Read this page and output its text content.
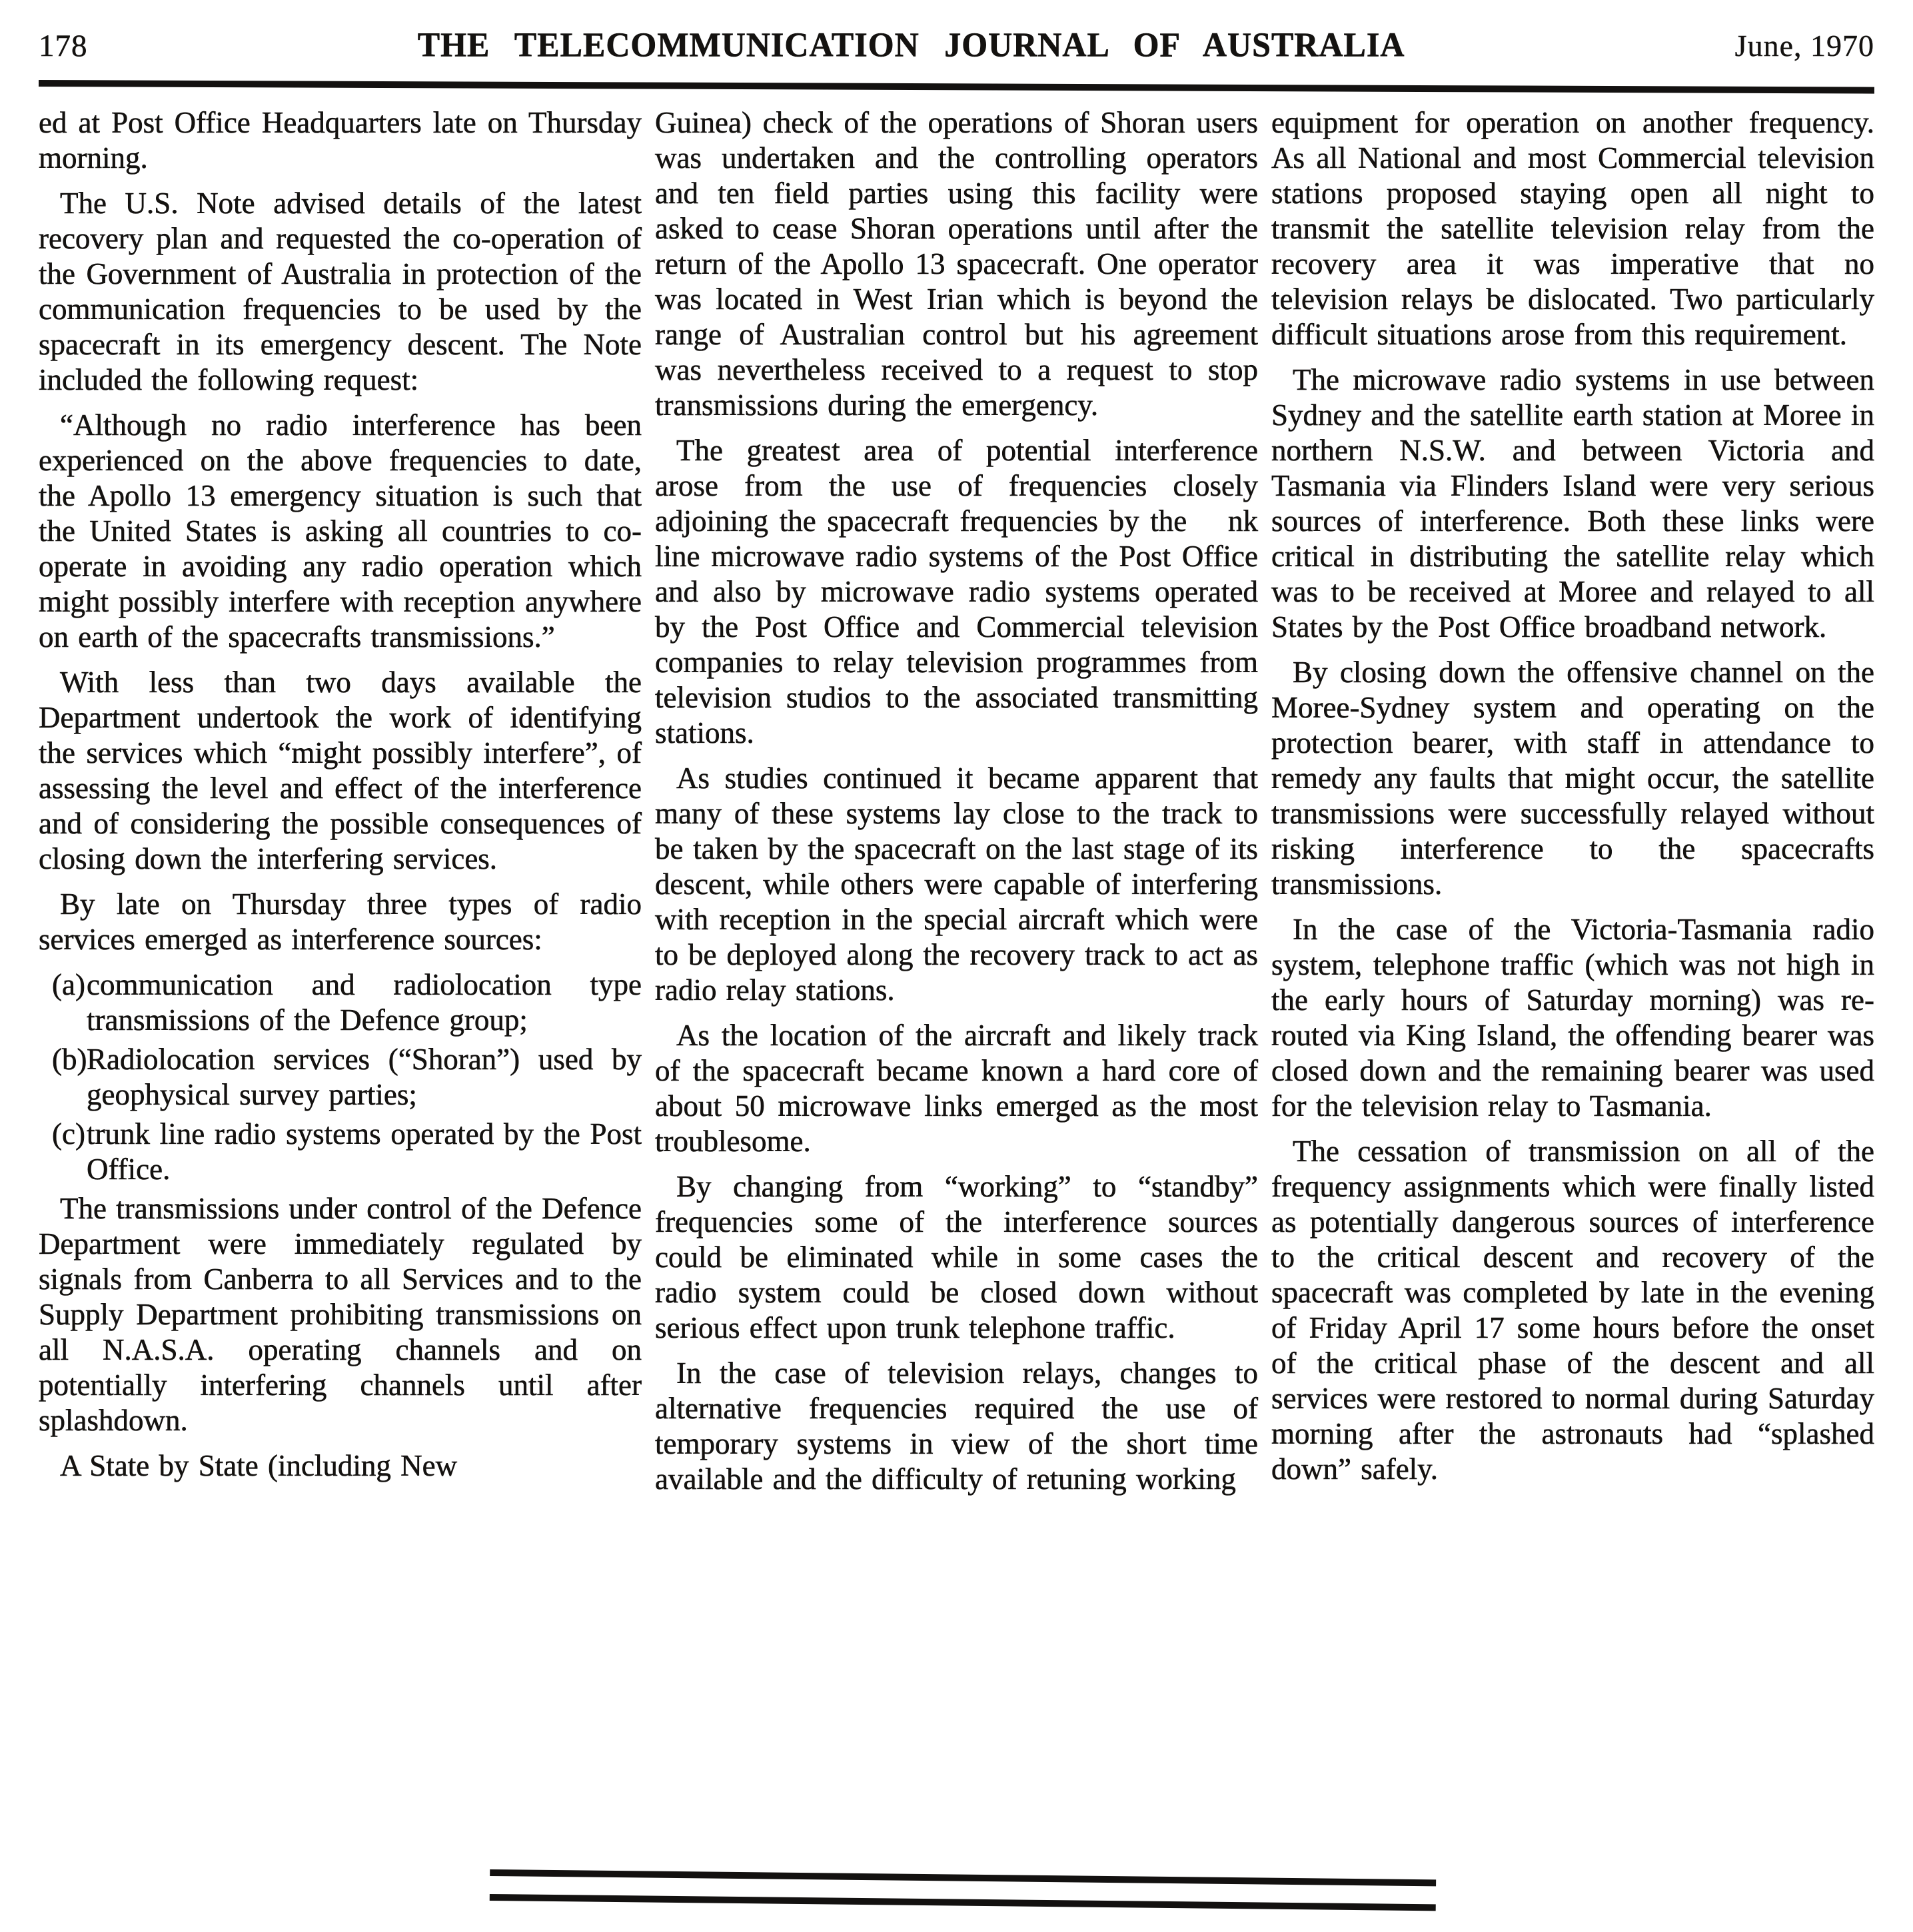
178	THE TELECOMMUNICATION JOURNAL OF AUSTRALIA	June, 1970

ed at Post Office Headquarters late on Thursday morning.

The U.S. Note advised details of the latest recovery plan and requested the co-operation of the Government of Australia in protection of the communication frequencies to be used by the spacecraft in its emergency descent. The Note included the following request:

“Although no radio interference has been experienced on the above frequencies to date, the Apollo 13 emergency situation is such that the United States is asking all countries to co-operate in avoiding any radio operation which might possibly interfere with reception anywhere on earth of the spacecrafts transmissions.”

With less than two days available the Department undertook the work of identifying the services which “might possibly interfere”, of assessing the level and effect of the interference and of considering the possible consequences of closing down the interfering services.

By late on Thursday three types of radio services emerged as interference sources:

(a) communication and radiolocation type transmissions of the Defence group;
(b) Radiolocation services (“Shoran”) used by geophysical survey parties;
(c) trunk line radio systems operated by the Post Office.

The transmissions under control of the Defence Department were immediately regulated by signals from Canberra to all Services and to the Supply Department prohibiting transmissions on all N.A.S.A. operating channels and on potentially interfering channels until after splashdown.

A State by State (including New

Guinea) check of the operations of Shoran users was undertaken and the controlling operators and ten field parties using this facility were asked to cease Shoran operations until after the return of the Apollo 13 spacecraft. One operator was located in West Irian which is beyond the range of Australian control but his agreement was nevertheless received to a request to stop transmissions during the emergency.

The greatest area of potential interference arose from the use of frequencies closely adjoining the spacecraft frequencies by the  nk line microwave radio systems of the Post Office and also by microwave radio systems operated by the Post Office and Commercial television companies to relay television programmes from television studios to the associated transmitting stations.

As studies continued it became apparent that many of these systems lay close to the track to be taken by the spacecraft on the last stage of its descent, while others were capable of interfering with reception in the special aircraft which were to be deployed along the recovery track to act as radio relay stations.

As the location of the aircraft and likely track of the spacecraft became known a hard core of about 50 microwave links emerged as the most troublesome.

By changing from “working” to “standby” frequencies some of the interference sources could be eliminated while in some cases the radio system could be closed down without serious effect upon trunk telephone traffic.

In the case of television relays, changes to alternative frequencies required the use of temporary systems in view of the short time available and the difficulty of retuning working

equipment for operation on another frequency. As all National and most Commercial television stations proposed staying open all night to transmit the satellite television relay from the recovery area it was imperative that no television relays be dislocated. Two particularly difficult situations arose from this requirement.

The microwave radio systems in use between Sydney and the satellite earth station at Moree in northern N.S.W. and between Victoria and Tasmania via Flinders Island were very serious sources of interference. Both these links were critical in distributing the satellite relay which was to be received at Moree and relayed to all States by the Post Office broadband network.

By closing down the offensive channel on the Moree-Sydney system and operating on the protection bearer, with staff in attendance to remedy any faults that might occur, the satellite transmissions were successfully relayed without risking interference to the spacecrafts transmissions.

In the case of the Victoria-Tasmania radio system, telephone traffic (which was not high in the early hours of Saturday morning) was re-routed via King Island, the offending bearer was closed down and the remaining bearer was used for the television relay to Tasmania.

The cessation of transmission on all of the frequency assignments which were finally listed as potentially dangerous sources of interference to the critical descent and recovery of the spacecraft was completed by late in the evening of Friday April 17 some hours before the onset of the critical phase of the descent and all services were restored to normal during Saturday morning after the astronauts had “splashed down” safely.
